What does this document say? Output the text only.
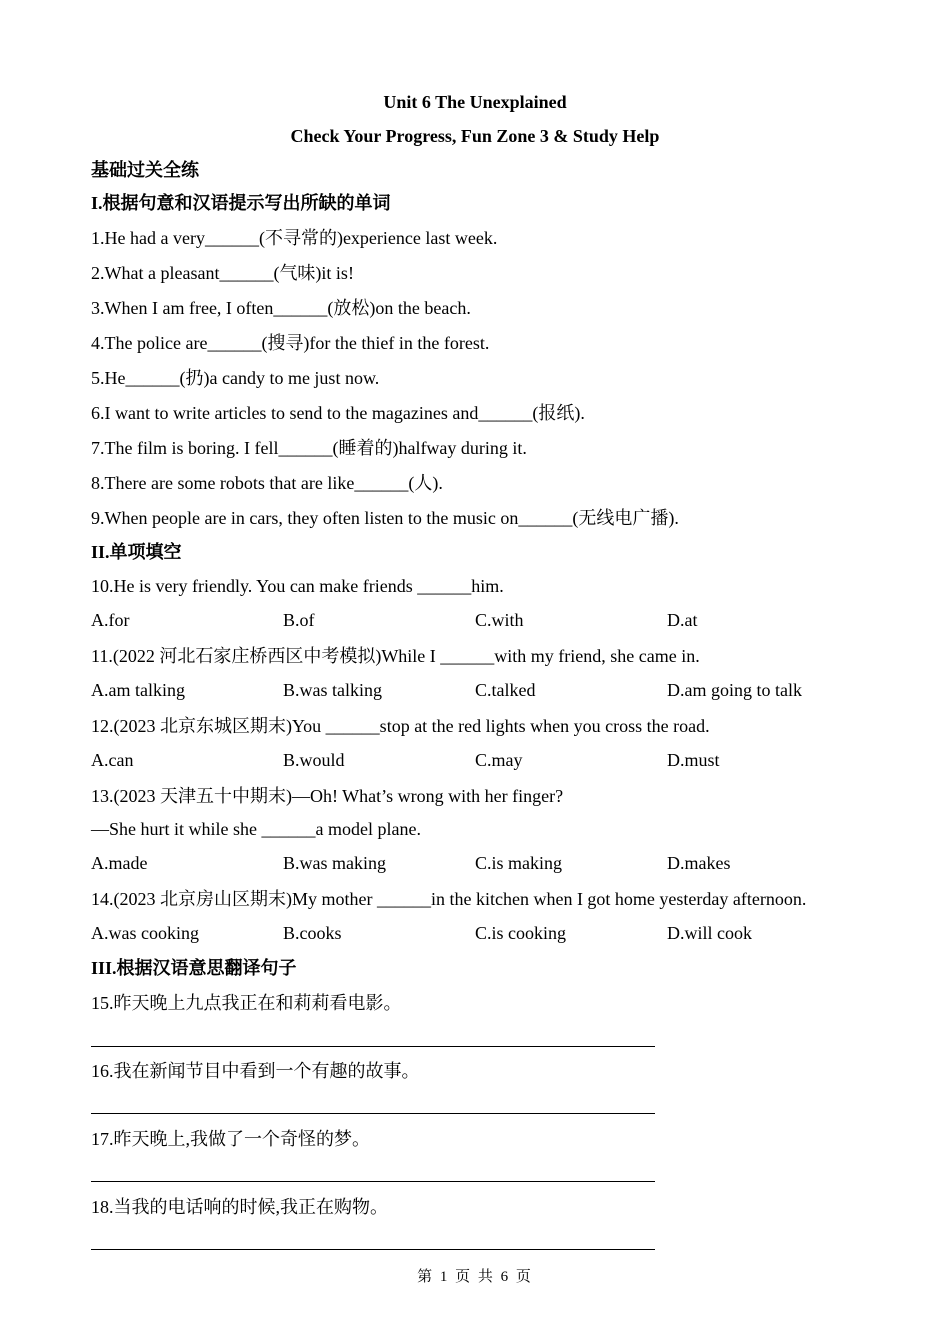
Unit 6 The Unexplained
Check Your Progress, Fun Zone 3 & Study Help
基础过关全练
I.根据句意和汉语提示写出所缺的单词
1.He had a very______(不寻常的)experience last week.
2.What a pleasant______(气味)it is!
3.When I am free, I often______(放松)on the beach.
4.The police are______(搜寻)for the thief in the forest.
5.He______(扔)a candy to me just now.
6.I want to write articles to send to the magazines and______(报纸).
7.The film is boring. I fell______(睡着的)halfway during it.
8.There are some robots that are like______(人).
9.When people are in cars, they often listen to the music on______(无线电广播).
II.单项填空
10.He is very friendly. You can make friends ______him.
A.for	B.of	C.with	D.at
11.(2022 河北石家庄桥西区中考模拟)While I ______with my friend, she came in.
A.am talking	B.was talking	C.talked	D.am going to talk
12.(2023 北京东城区期末)You ______stop at the red lights when you cross the road.
A.can	B.would	C.may	D.must
13.(2023 天津五十中期末)—Oh! What’s wrong with her finger?
—She hurt it while she ______a model plane.
A.made	B.was making	C.is making	D.makes
14.(2023 北京房山区期末)My mother ______in the kitchen when I got home yesterday afternoon.
A.was cooking	B.cooks	C.is cooking	D.will cook
III.根据汉语意思翻译句子
15.昨天晚上九点我正在和莉莉看电影。
16.我在新闻节目中看到一个有趣的故事。
17.昨天晚上,我做了一个奇怪的梦。
18.当我的电话响的时候,我正在购物。
第 1 页 共 6 页
